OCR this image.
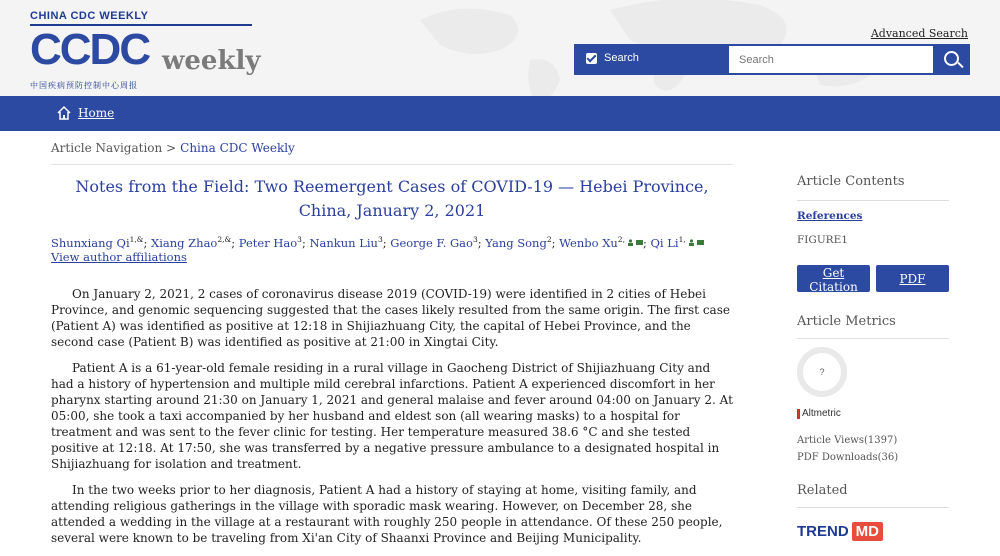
CHINA CDC WEEKLY
CCDC weekly
中国疾病预防控制中心周报
Advanced Search
Search
Search
Home
Article Navigation > China CDC Weekly
Notes from the Field: Two Reemergent Cases of COVID-19 — Hebei Province, China, January 2, 2021
Shunxiang $Qi^{1,\&}$; Xiang Zhao$^{2,\&}$; Peter Hao$^3$; Nankun Liu$^3$; George F. Gao$^3$; Yang Song$^2$; Wenbo $Xu^{2,}$ ; Qi $Li^{1,}$
View author affiliations

On January 2, 2021, 2 cases of coronavirus disease 2019 (COVID-19) were identified in 2 cities of Hebei Province, and genomic sequencing suggested that the cases likely resulted from the same origin. The first case (Patient A) was identified as positive at 12:18 in Shijiazhuang City, the capital of Hebei Province, and the second case (Patient B) was identified as positive at 21:00 in Xingtai City.

Patient A is a 61-year-old female residing in a rural village in Gaocheng District of Shijiazhuang City and had a history of hypertension and multiple mild cerebral infarctions. Patient A experienced discomfort in her pharynx starting around 21:30 on January 1, 2021 and general malaise and fever around 04:00 on January 2. At 05:00, she took a taxi accompanied by her husband and eldest son (all wearing masks) to a hospital for treatment and was sent to the fever clinic for testing. Her temperature measured 38.6 °C and she tested positive at 12:18. At 17:50, she was transferred by a negative pressure ambulance to a designated hospital in Shijiazhuang for isolation and treatment.

In the two weeks prior to her diagnosis, Patient A had a history of staying at home, visiting family, and attending religious gatherings in the village with sporadic mask wearing. However, on December 28, she attended a wedding in the village at a restaurant with roughly 250 people in attendance. Of these 250 people, several were known to be traveling from Xi'an City of Shaanxi Province and Beijing Municipality.

Article Contents
References
FIGURE1
Get Citation
PDF
Article Metrics
?
Altmetric
Article Views(1397)
PDF Downloads(36)
Related
TREND MD
